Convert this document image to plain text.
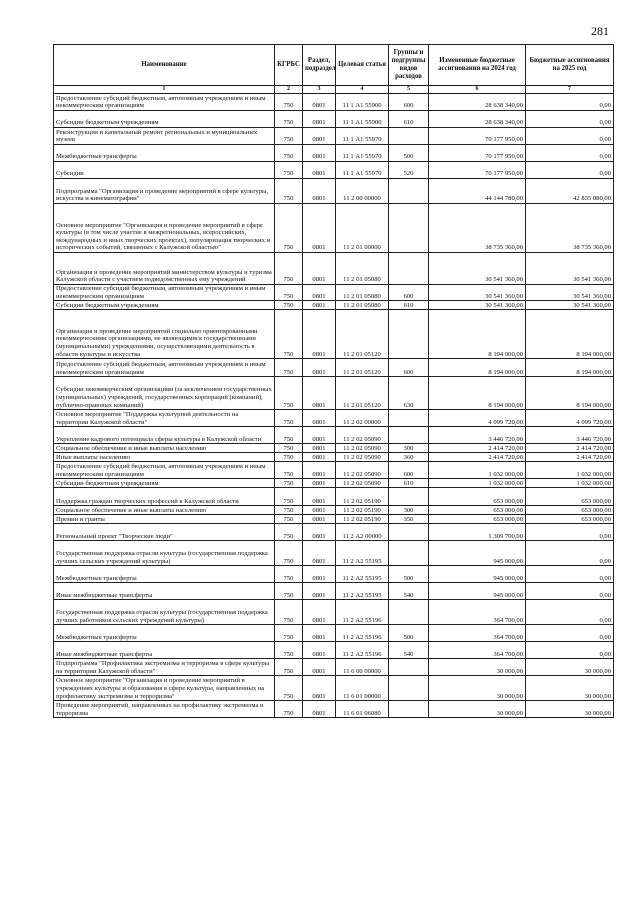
281
Наименование	КГРБС	Раздел, подраздел	Целевая статья	Группы и подгруппы видов расходов	Измененные бюджетные ассигнования на 2024 год	Бюджетные ассигнования на 2025 год
1	2	3	4	5	6	7
Предоставление субсидий бюджетным, автономным учреждениям и иным некоммерческим организациям	750	0801	11 1 А1 55900	600	28 638 340,00	0,00
Субсидии бюджетным учреждениям	750	0801	11 1 А1 55900	610	28 638 340,00	0,00
Реконструкция и капитальный ремонт региональных и муниципальных музеев	750	0801	11 1 А1 55970		70 177 950,00	0,00
Межбюджетные трансферты	750	0801	11 1 А1 55970	500	70 177 950,00	0,00
Субсидии	750	0801	11 1 А1 55970	520	70 177 950,00	0,00
Подпрограмма "Организация и проведение мероприятий в сфере культуры, искусства и кинематографии"	750	0801	11 2 00 00000		44 144 780,00	42 835 080,00
Основное мероприятие "Организация и проведение мероприятий в сфере культуры (в том числе участие в межрегиональных, всероссийских, международных и иных творческих проектах), популяризация творческих и исторических событий, связанных с Калужской областью"	750	0801	11 2 01 00000		38 735 360,00	38 735 360,00
Организация и проведение мероприятий министерством культуры и туризма Калужской области с участием подведомственных ему учреждений	750	0801	11 2 01 05080		30 541 360,00	30 541 360,00
Предоставление субсидий бюджетным, автономным учреждениям и иным некоммерческим организациям	750	0801	11 2 01 05080	600	30 541 360,00	30 541 360,00
Субсидии бюджетным учреждениям	750	0801	11 2 01 05080	610	30 541 360,00	30 541 360,00
Организация и проведение мероприятий социально ориентированными некоммерческими организациями, не являющимися государственными (муниципальными) учреждениями, осуществляющими деятельность в области культуры и искусства	750	0801	11 2 01 05120		8 194 000,00	8 194 000,00
Предоставление субсидий бюджетным, автономным учреждениям и иным некоммерческим организациям	750	0801	11 2 01 05120	600	8 194 000,00	8 194 000,00
Субсидии некоммерческим организациям (за исключением государственных (муниципальных) учреждений, государственных корпораций (компаний), публично-правовых компаний)	750	0801	11 2 01 05120	630	8 194 000,00	8 194 000,00
Основное мероприятие "Поддержка культурной деятельности на территории Калужской области"	750	0801	11 2 02 00000		4 099 720,00	4 099 720,00
Укрепление кадрового потенциала сферы культуры в Калужской области	750	0801	11 2 02 05090		3 446 720,00	3 446 720,00
Социальное обеспечение и иные выплаты населению	750	0801	11 2 02 05090	300	2 414 720,00	2 414 720,00
Иные выплаты населению	750	0801	11 2 02 05090	360	2 414 720,00	2 414 720,00
Предоставление субсидий бюджетным, автономным учреждениям и иным некоммерческим организациям	750	0801	11 2 02 05090	600	1 032 000,00	1 032 000,00
Субсидии бюджетным учреждениям	750	0801	11 2 02 05090	610	1 032 000,00	1 032 000,00
Поддержка граждан творческих профессий в Калужской области	750	0801	11 2 02 05190		653 000,00	653 000,00
Социальное обеспечение и иные выплаты населению	750	0801	11 2 02 05190	300	653 000,00	653 000,00
Премии и гранты	750	0801	11 2 02 05190	350	653 000,00	653 000,00
Региональный проект "Творческие люди"	750	0801	11 2 А2 00000		1 309 700,00	0,00
Государственная поддержка отрасли культуры (государственная поддержка лучших сельских учреждений культуры)	750	0801	11 2 А2 55195		945 000,00	0,00
Межбюджетные трансферты	750	0801	11 2 А2 55195	500	945 000,00	0,00
Иные межбюджетные трансферты	750	0801	11 2 А2 55195	540	945 000,00	0,00
Государственная поддержка отрасли культуры (государственная поддержка лучших работников сельских учреждений культуры)	750	0801	11 2 А2 55196		364 700,00	0,00
Межбюджетные трансферты	750	0801	11 2 А2 55196	500	364 700,00	0,00
Иные межбюджетные трансферты	750	0801	11 2 А2 55196	540	364 700,00	0,00
Подпрограмма "Профилактика экстремизма и терроризма в сфере культуры на территории Калужской области"	750	0801	11 6 00 00000		30 000,00	30 000,00
Основное мероприятие "Организация и проведение мероприятий в учреждениях культуры и образования в сфере культуры, направленных на профилактику экстремизма и терроризма"	750	0801	11 6 01 00000		30 000,00	30 000,00
Проведение мероприятий, направленных на профилактику экстремизма и терроризма	750	0801	11 6 01 06080		30 000,00	30 000,00
